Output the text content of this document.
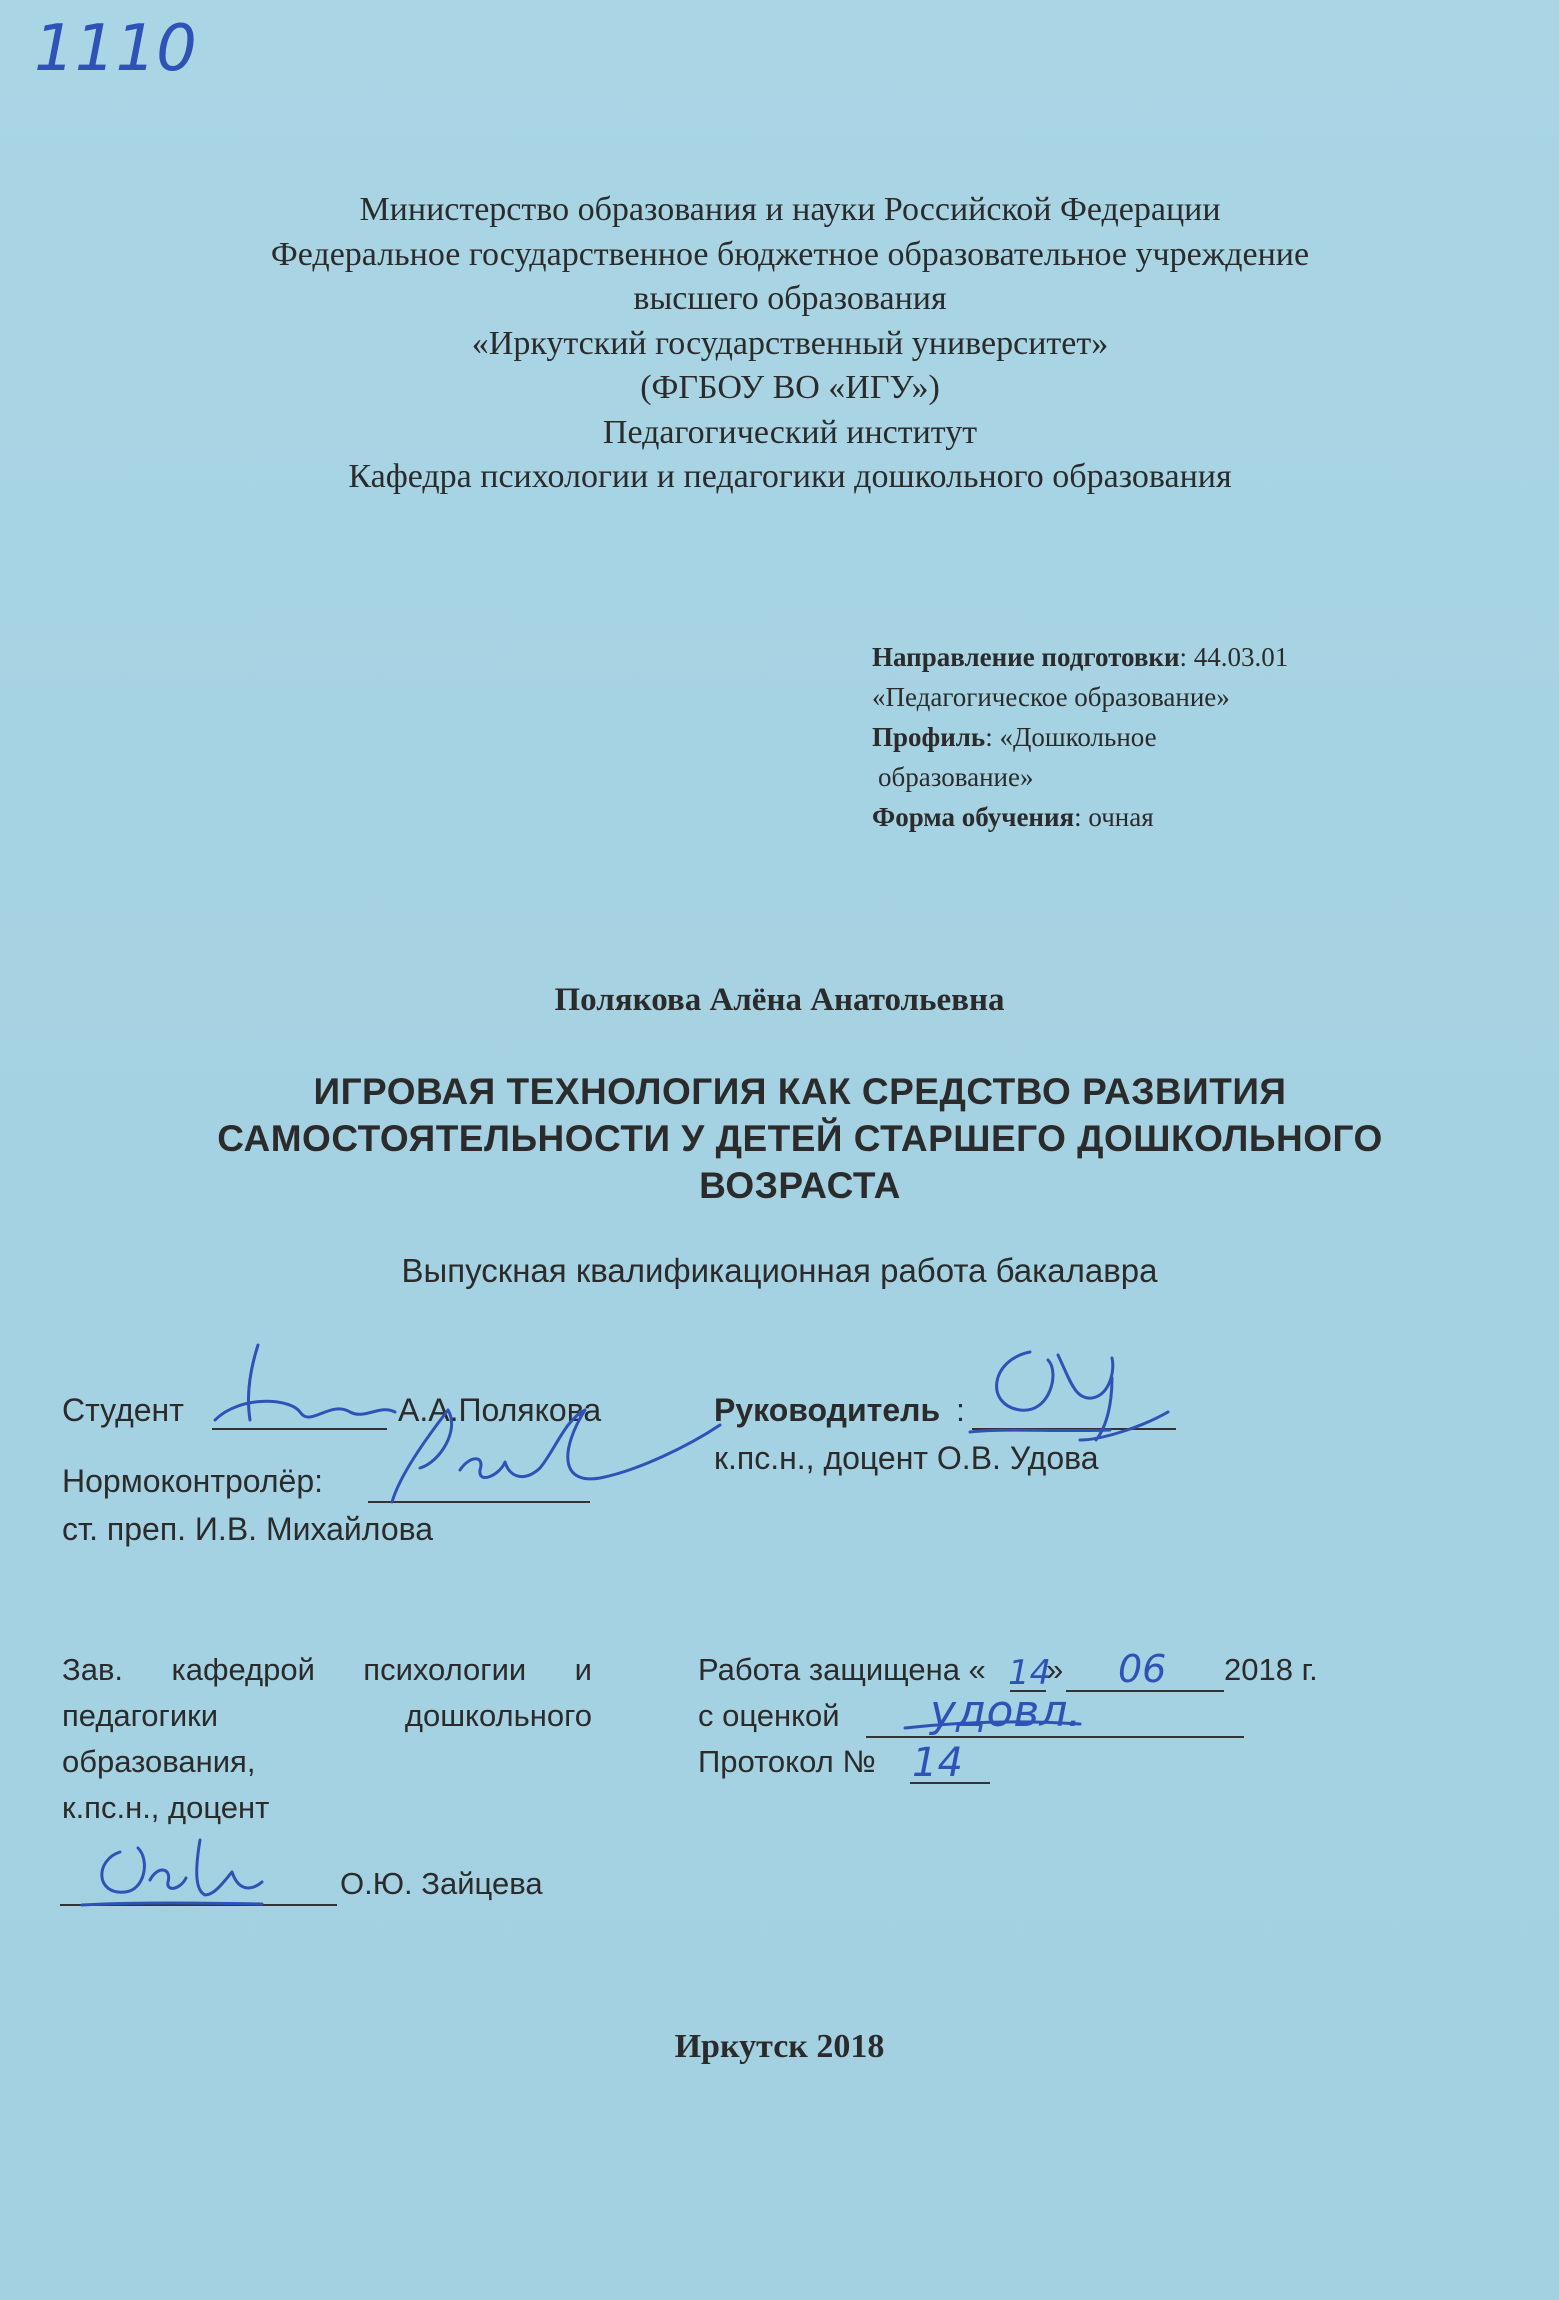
1110
Министерство образования и науки Российской Федерации
Федеральное государственное бюджетное образовательное учреждение
высшего образования
«Иркутский государственный университет»
(ФГБОУ ВО «ИГУ»)
Педагогический институт
Кафедра психологии и педагогики дошкольного образования
Направление подготовки: 44.03.01
«Педагогическое образование»
Профиль: «Дошкольное
образование»
Форма обучения: очная
Полякова Алёна Анатольевна
ИГРОВАЯ ТЕХНОЛОГИЯ КАК СРЕДСТВО РАЗВИТИЯ
САМОСТОЯТЕЛЬНОСТИ У ДЕТЕЙ СТАРШЕГО ДОШКОЛЬНОГО
ВОЗРАСТА
Выпускная квалификационная работа бакалавра
Студент	А.А.Полякова	Руководитель :
к.пс.н., доцент О.В. Удова
Нормоконтролёр:
ст. преп. И.В. Михайлова
Зав. кафедрой психологии и
педагогики	дошкольного
образования,
к.пс.н., доцент
О.Ю. Зайцева
Работа защищена « »	2018 г.
с оценкой
Протокол №
Иркутск 2018
14 06
удовл.
14
